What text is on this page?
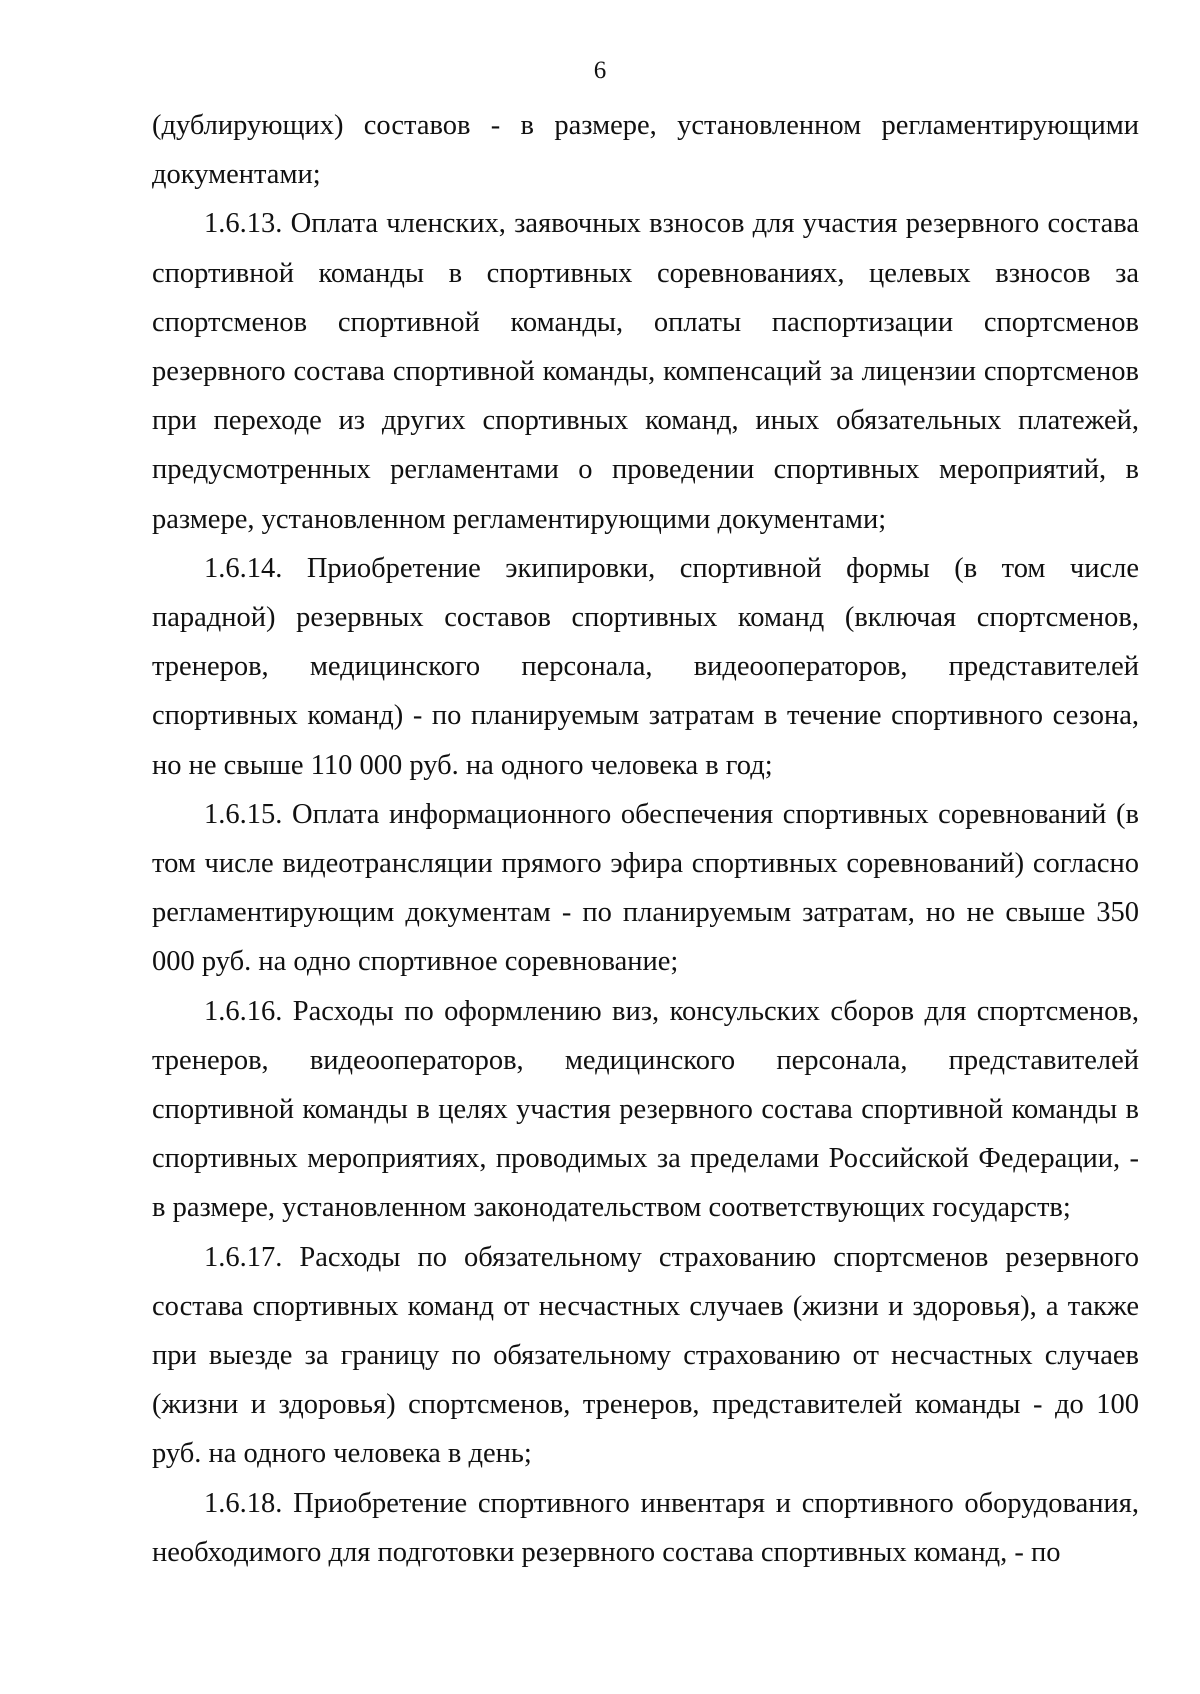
6

(дублирующих) составов - в размере, установленном регламентирующими документами;

1.6.13. Оплата членских, заявочных взносов для участия резервного состава спортивной команды в спортивных соревнованиях, целевых взносов за спортсменов спортивной команды, оплаты паспортизации спортсменов резервного состава спортивной команды, компенсаций за лицензии спортсменов при переходе из других спортивных команд, иных обязательных платежей, предусмотренных регламентами о проведении спортивных мероприятий, в размере, установленном регламентирующими документами;

1.6.14. Приобретение экипировки, спортивной формы (в том числе парадной) резервных составов спортивных команд (включая спортсменов, тренеров, медицинского персонала, видеооператоров, представителей спортивных команд) - по планируемым затратам в течение спортивного сезона, но не свыше 110 000 руб. на одного человека в год;

1.6.15. Оплата информационного обеспечения спортивных соревнований (в том числе видеотрансляции прямого эфира спортивных соревнований) согласно регламентирующим документам - по планируемым затратам, но не свыше 350 000 руб. на одно спортивное соревнование;

1.6.16. Расходы по оформлению виз, консульских сборов для спортсменов, тренеров, видеооператоров, медицинского персонала, представителей спортивной команды в целях участия резервного состава спортивной команды в спортивных мероприятиях, проводимых за пределами Российской Федерации, - в размере, установленном законодательством соответствующих государств;

1.6.17. Расходы по обязательному страхованию спортсменов резервного состава спортивных команд от несчастных случаев (жизни и здоровья), а также при выезде за границу по обязательному страхованию от несчастных случаев (жизни и здоровья) спортсменов, тренеров, представителей команды - до 100 руб. на одного человека в день;

1.6.18. Приобретение спортивного инвентаря и спортивного оборудования, необходимого для подготовки резервного состава спортивных команд, - по
